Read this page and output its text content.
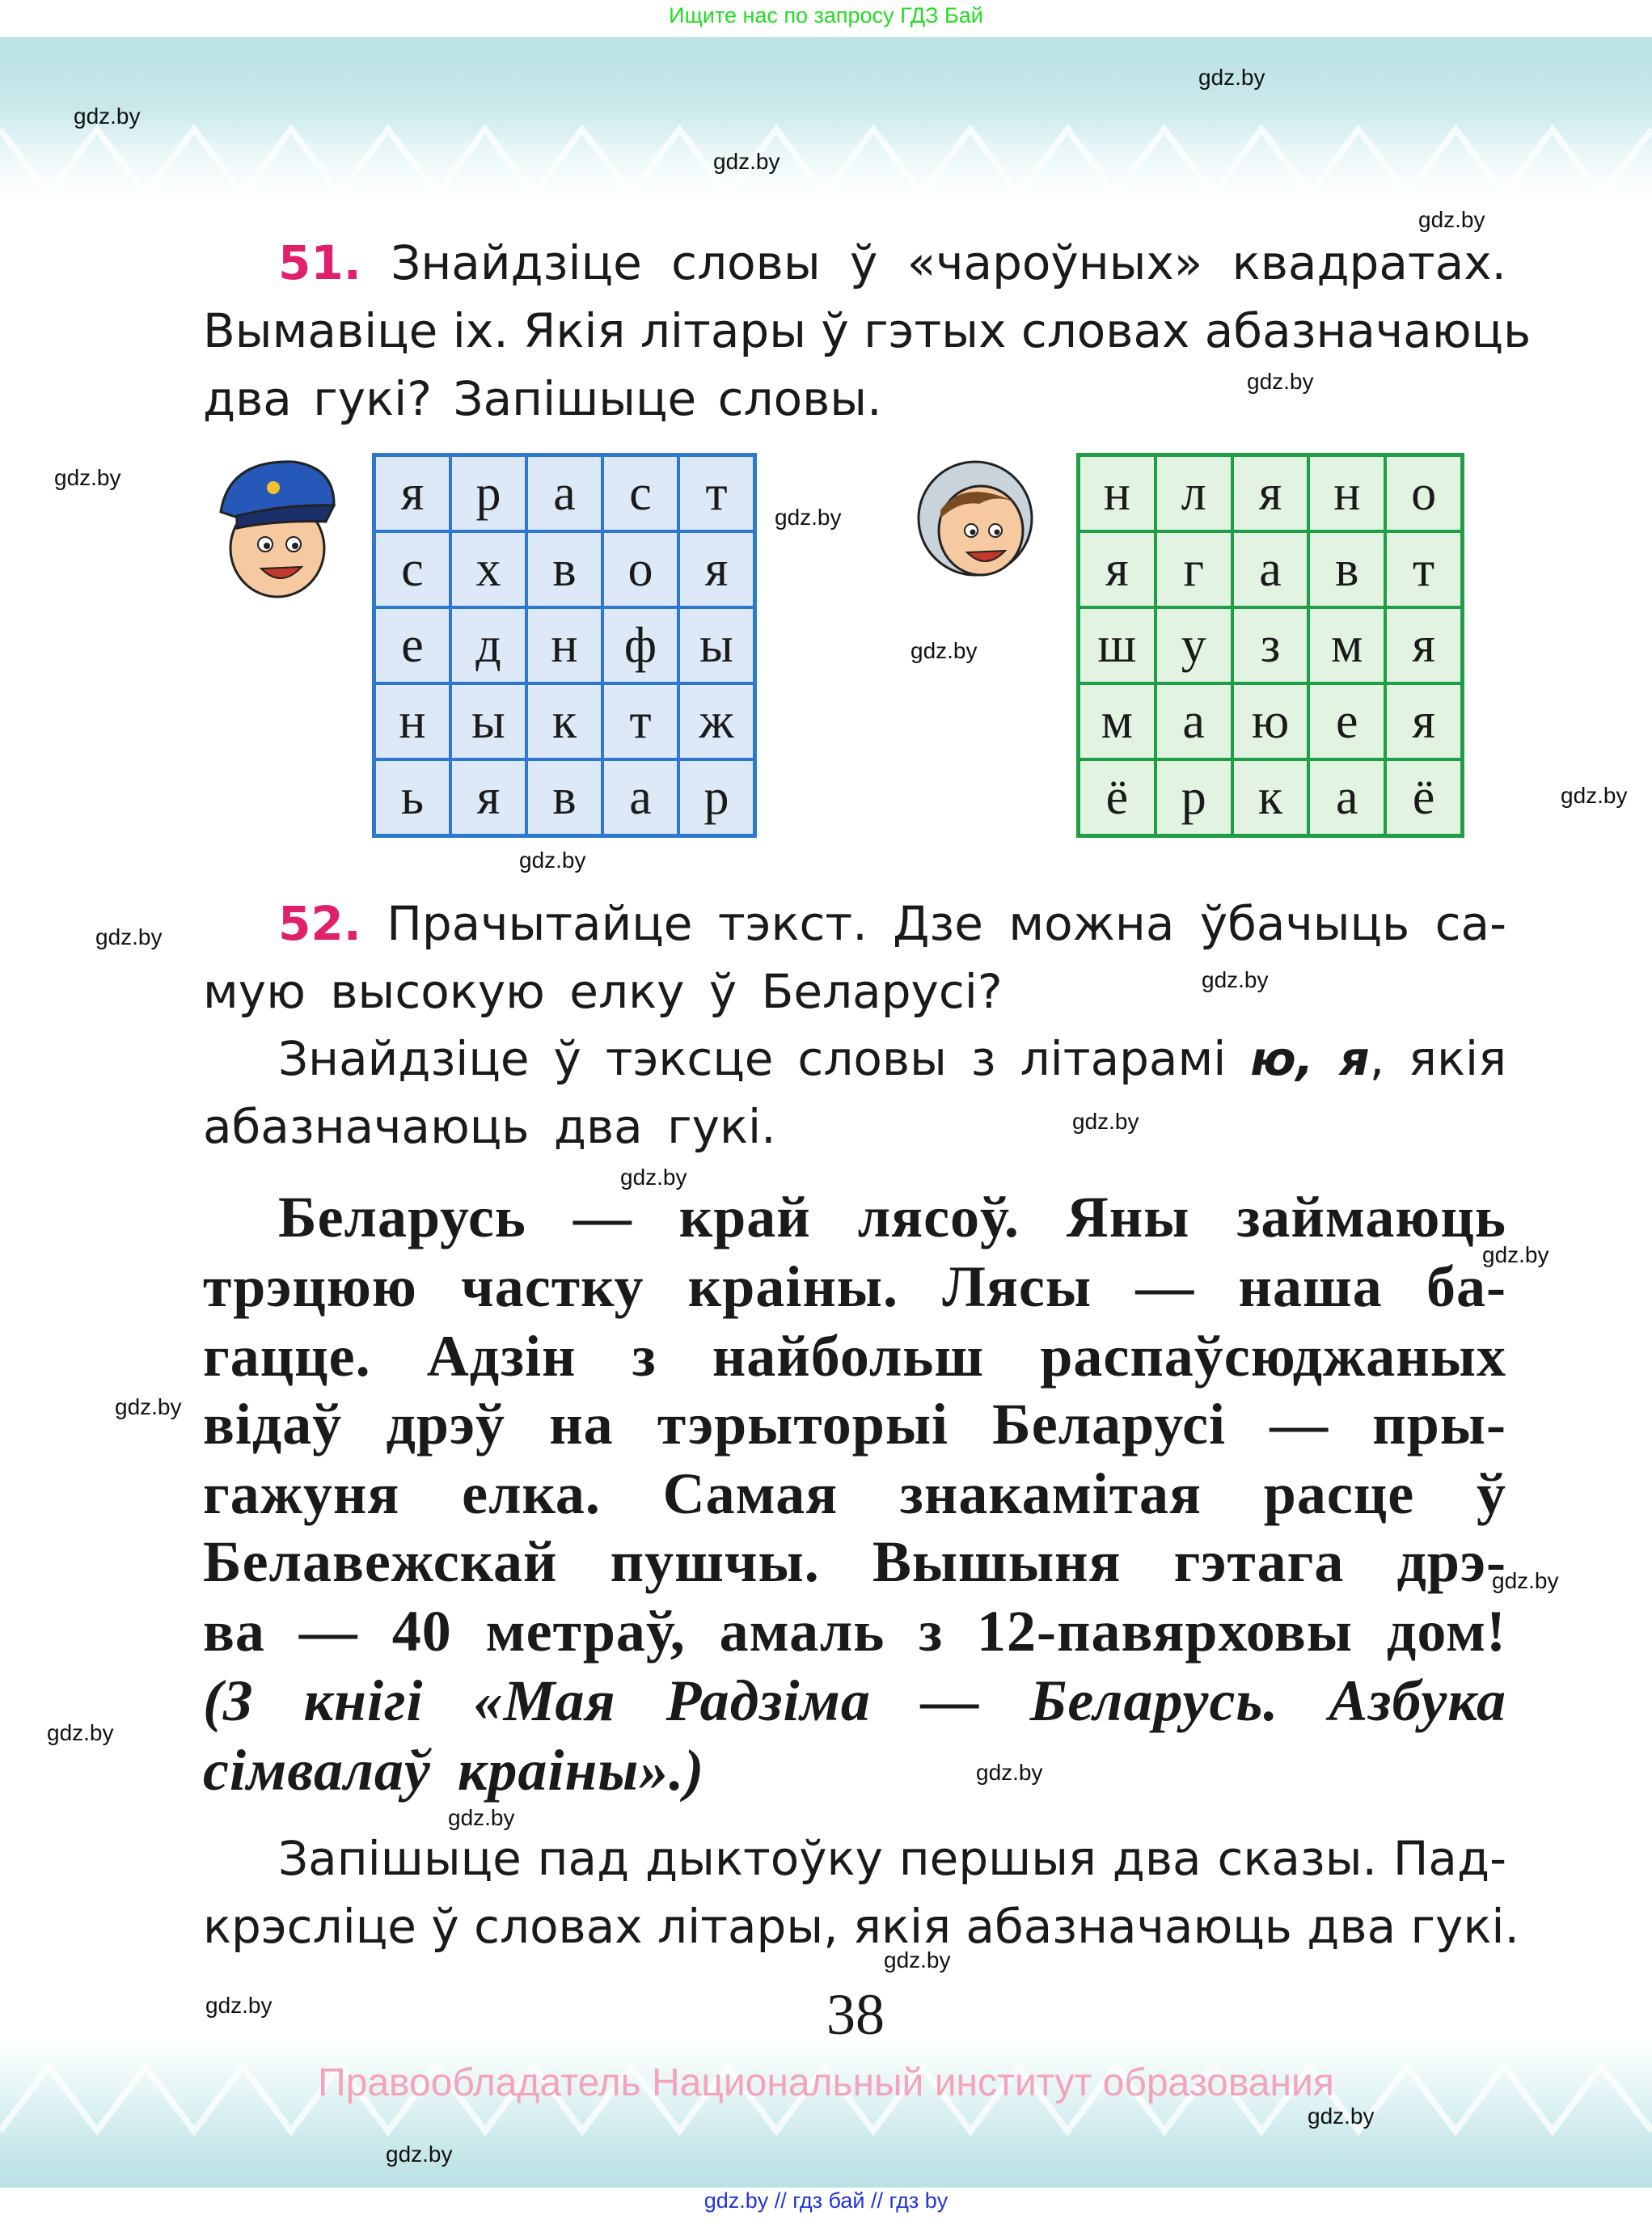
Ищите нас по запросу ГДЗ Бай
51. Знайдзіце словы ў «чароўных» квадратах.
Вымавіце іх. Якія літары ў гэтых словах абазначаюць
два гукі? Запішыце словы.
я	р	а	с	т
с	х	в	о	я
е	д н ф ы
н ы к	т ж
ь	я	в	а	р
н	л	я	н	о
я	г	а	в	т
ш у	з	м я
м а ю е	я
ё	р	к	а	ё
52. Прачытайце тэкст. Дзе можна ўбачыць са-
мую высокую елку ў Беларусі?
Знайдзіце ў тэксце словы з літарамі ю, я, якія
абазначаюць два гукі.
Беларусь — край лясоў. Яны займаюць
трэцюю частку краіны. Лясы — наша ба-
гацце. Адзін з найбольш распаўсюджаных
відаў дрэў на тэрыторыі Беларусі — пры-
гажуня елка. Самая знакамітая расце ў
Белавежскай пушчы. Вышыня гэтага дрэ-
ва — 40 метраў, амаль з 12-павярховы дом!
(З кнігі «Мая Радзіма — Беларусь. Азбука
сімвалаў краіны».)
Запішыце пад дыктоўку першыя два сказы. Пад-
крэсліце ў словах літары, якія абазначаюць два гукі.
38
Правообладатель Национальный институт образования
gdz.by // гдз бай // гдз by
gdz.by
gdz.by
gdz.by
gdz.by
gdz.by
gdz.by
gdz.by
gdz.by
gdz.by
gdz.by
gdz.by
gdz.by
gdz.by
gdz.by
gdz.by
gdz.by
gdz.by
gdz.by
gdz.by
gdz.by
gdz.by
gdz.by
gdz.by
gdz.by
